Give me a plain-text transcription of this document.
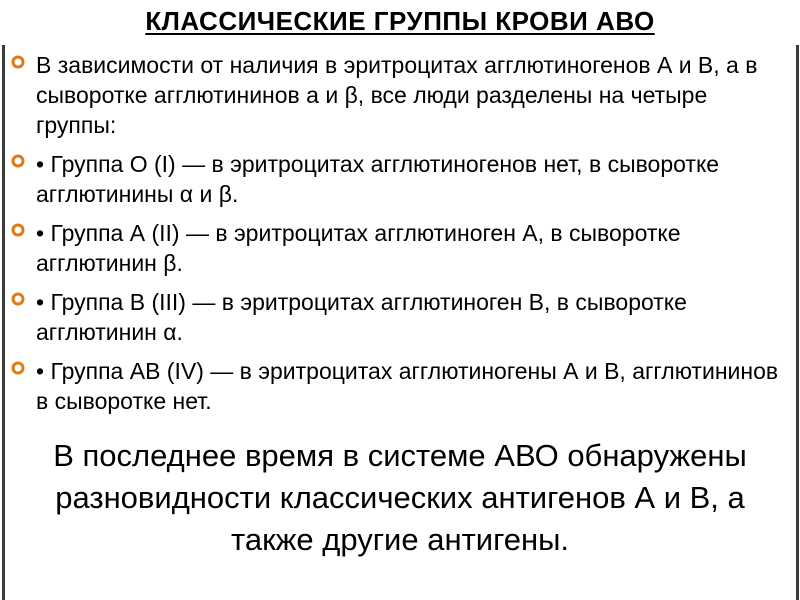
КЛАССИЧЕСКИЕ ГРУППЫ КРОВИ АВО
В зависимости от наличия в эритроцитах агглютиногенов А и В, а в сыворотке агглютининов а и β, все люди разделены на четыре группы:
• Группа О (I) — в эритроцитах агглютиногенов нет, в сыворотке агглютинины α и β.
• Группа А (II) — в эритроцитах агглютиноген А, в сыворотке агглютинин β.
• Группа В (III) — в эритроцитах агглютиноген В, в сыворотке агглютинин α.
• Группа АВ (IV) — в эритроцитах агглютиногены А и В, агглютининов в сыворотке нет.
В последнее время в системе АВО обнаружены разновидности классических антигенов А и В, а также другие антигены.
